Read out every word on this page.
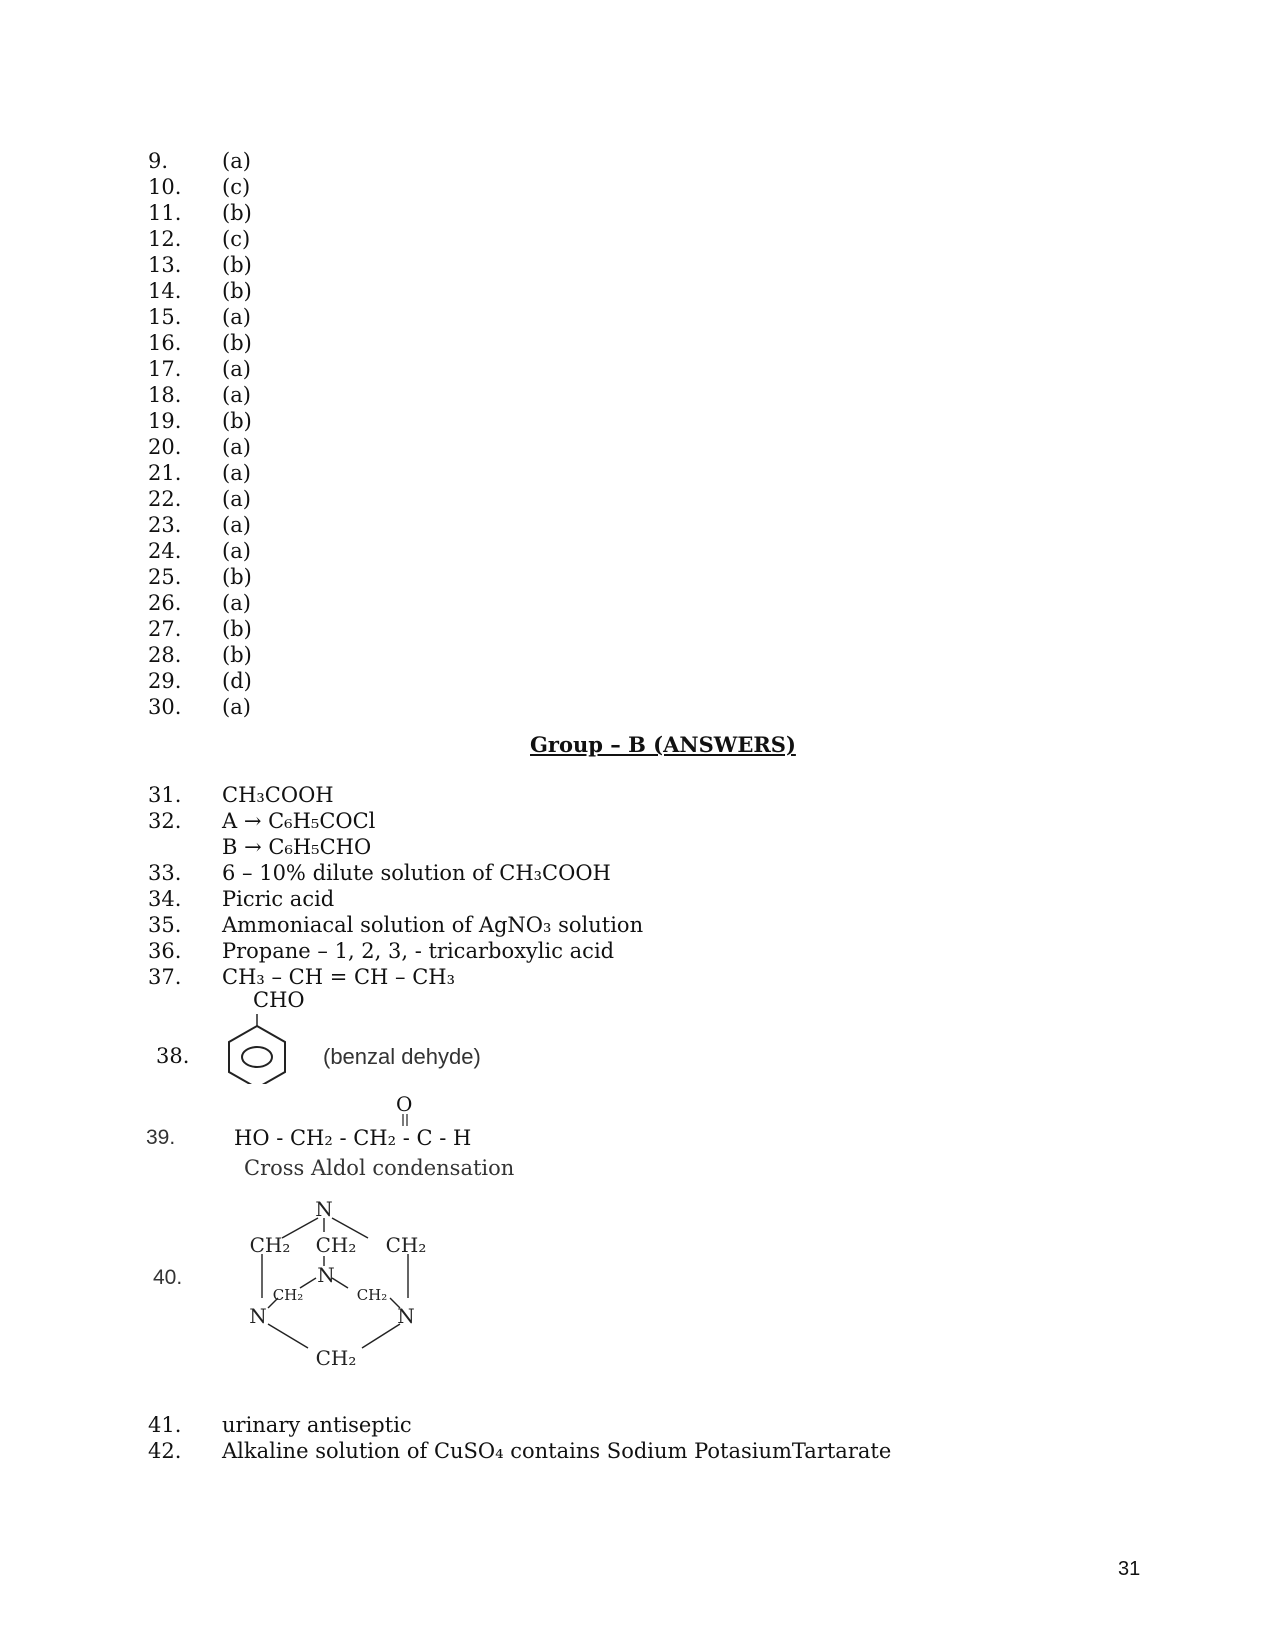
9.	(a)
10.	(c)
11.	(b)
12.	(c)
13.	(b)
14.	(b)
15.	(a)
16.	(b)
17.	(a)
18.	(a)
19.	(b)
20.	(a)
21.	(a)
22.	(a)
23.	(a)
24.	(a)
25.	(b)
26.	(a)
27.	(b)
28.	(b)
29.	(d)
30.	(a)
Group – B (ANSWERS)
31.	CH₃COOH
32.	A → C₆H₅COCl
B → C₆H₅CHO
33.	6 – 10% dilute solution of CH₃COOH
34.	Picric acid
35.	Ammoniacal solution of AgNO₃ solution
36.	Propane – 1, 2, 3, - tricarboxylic acid
37.	CH₃ – CH = CH – CH₃
38.
CHO
(benzal dehyde)
39.
O
HO - CH₂ - CH₂ - C - H
Cross Aldol condensation
40.
N
CH₂ CH₂ CH₂
N
CH₂	CH₂
N	N
CH₂
41.	urinary antiseptic
42.	Alkaline solution of CuSO₄ contains Sodium PotasiumTartarate
31
